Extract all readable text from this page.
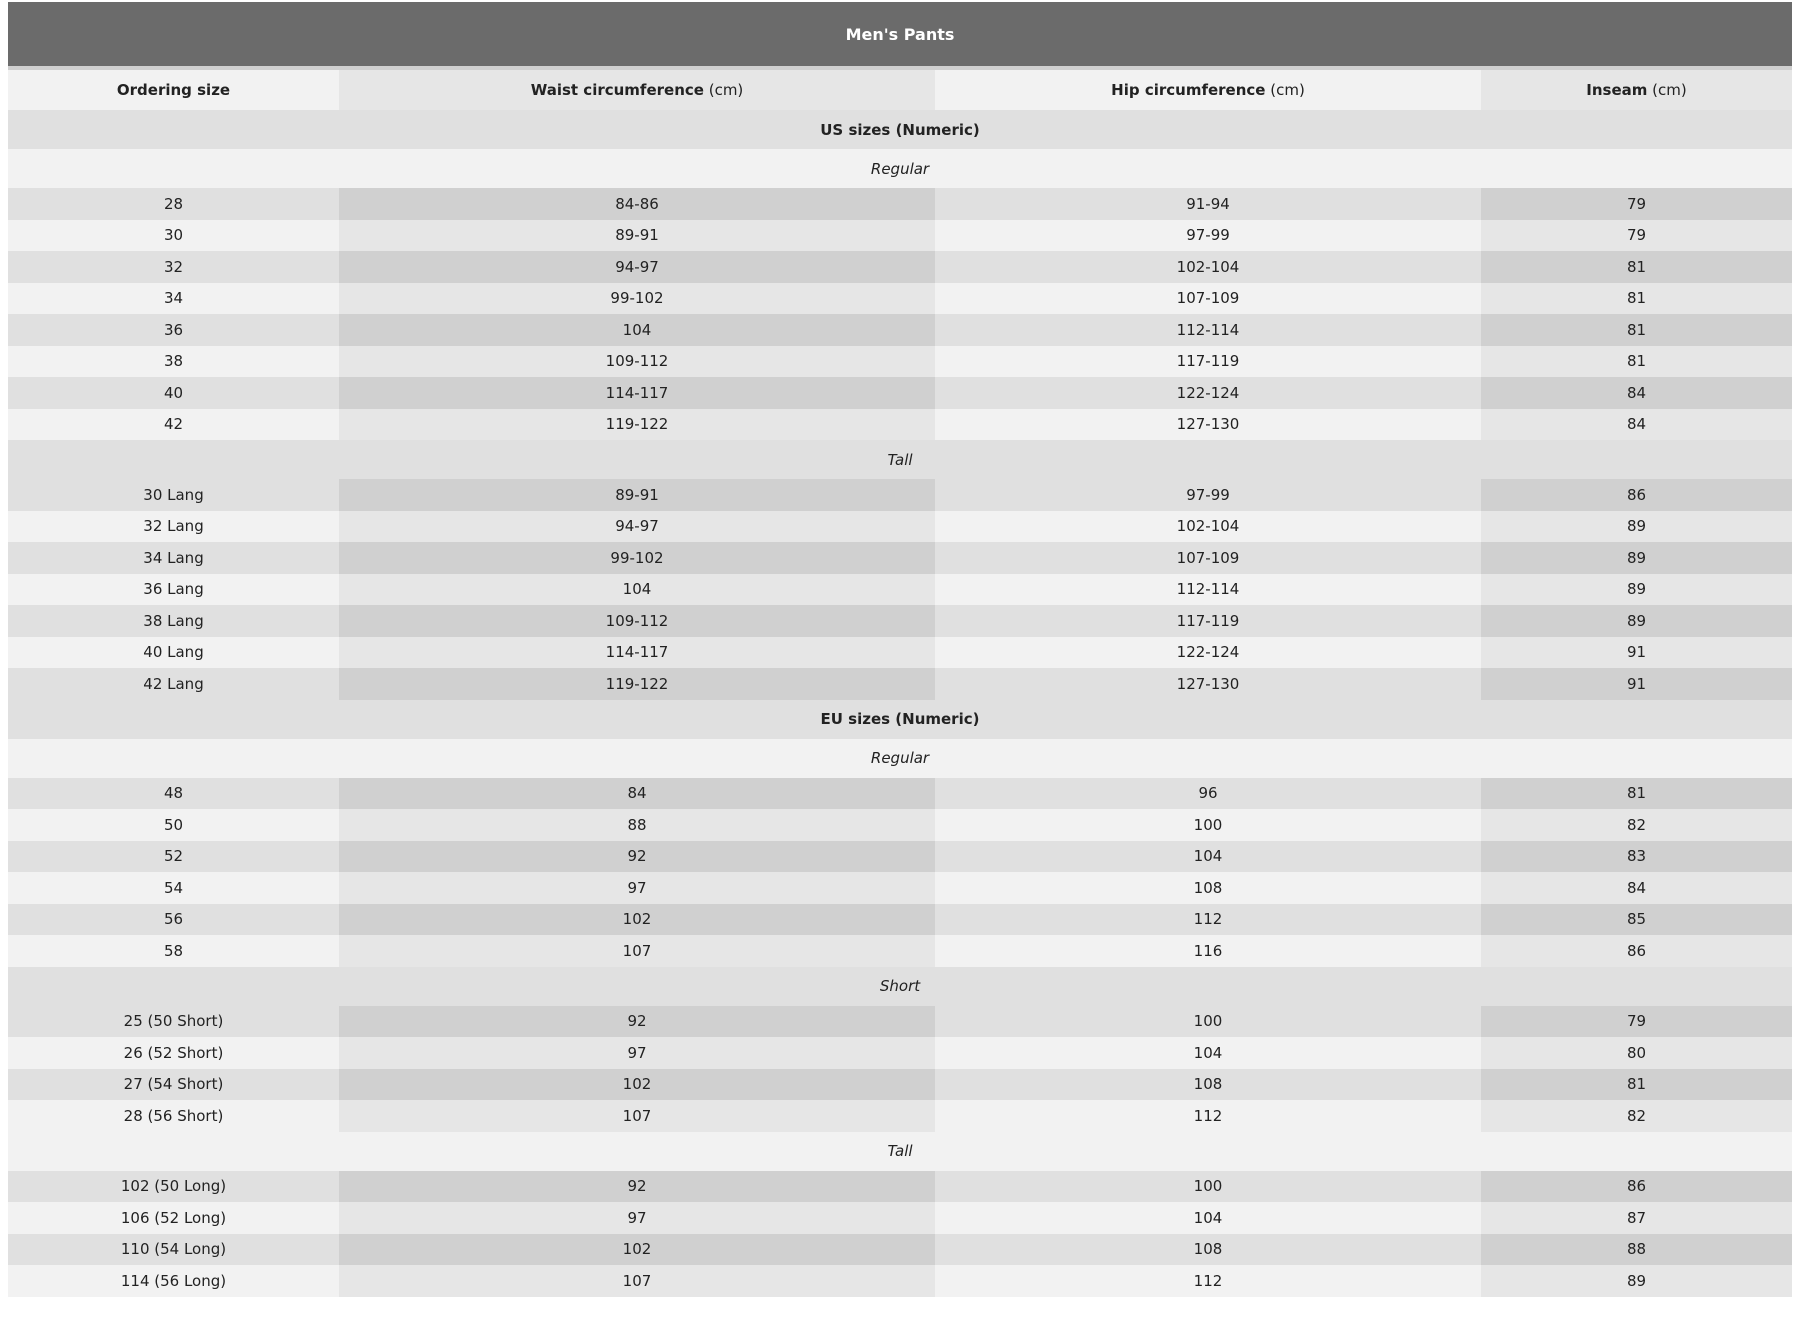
Men's Pants			
Ordering size	Waist circumference (cm)	Hip circumference (cm)	Inseam (cm)
US sizes (Numeric)			
Regular			
28	84-86	91-94	79
30	89-91	97-99	79
32	94-97	102-104	81
34	99-102	107-109	81
36	104	112-114	81
38	109-112	117-119	81
40	114-117	122-124	84
42	119-122	127-130	84
Tall			
30 Lang	89-91	97-99	86
32 Lang	94-97	102-104	89
34 Lang	99-102	107-109	89
36 Lang	104	112-114	89
38 Lang	109-112	117-119	89
40 Lang	114-117	122-124	91
42 Lang	119-122	127-130	91
EU sizes (Numeric)			
Regular			
48	84	96	81
50	88	100	82
52	92	104	83
54	97	108	84
56	102	112	85
58	107	116	86
Short			
25 (50 Short)	92	100	79
26 (52 Short)	97	104	80
27 (54 Short)	102	108	81
28 (56 Short)	107	112	82
Tall			
102 (50 Long)	92	100	86
106 (52 Long)	97	104	87
110 (54 Long)	102	108	88
114 (56 Long)	107	112	89
